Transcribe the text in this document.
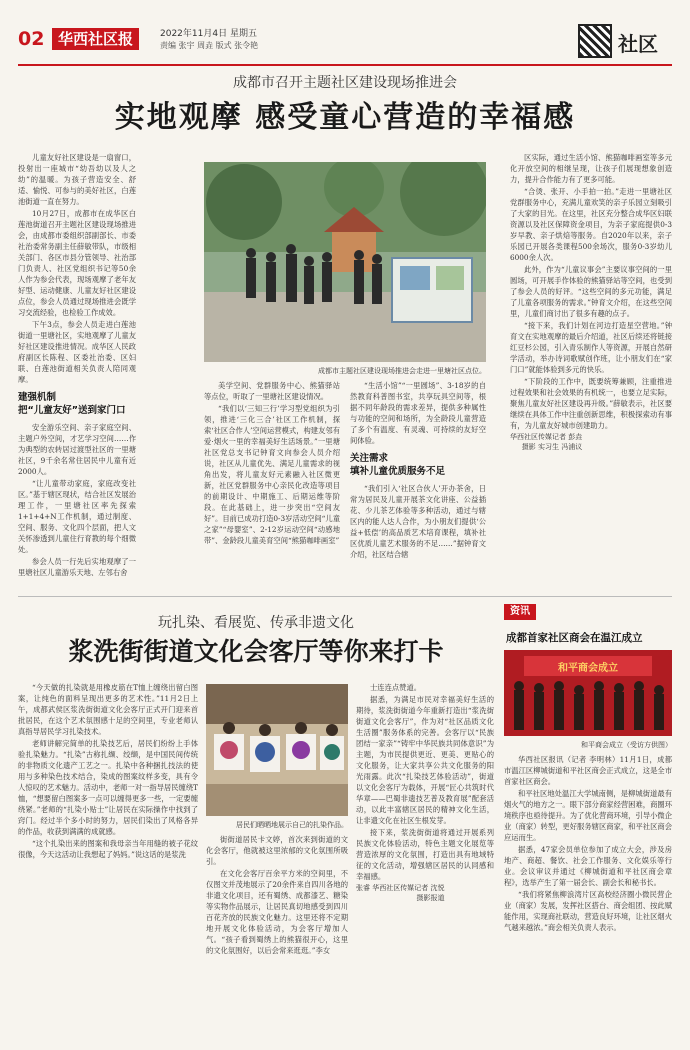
02 华西社区报	2022年11月4日 星期五
责编 张宇 周垚 版式 张令艳	社区
成都市召开主题社区建设现场推进会
实地观摩 感受童心营造的幸福感

儿童友好社区建设是一扇窗口，投射出一座城市“幼吾幼以及人之幼”的温暖。为孩子营造安全、舒适、愉悦、可参与的美好社区，白莲池街道一直在努力。

10月27日，成都市在成华区白莲池街道召开主题社区建设现场推进会，由成都市委组织部副部长、市委社治委常务副主任薛敏带队，市级相关部门、各区市县分管领导、社治部门负责人、社区党组织书记等50余人作为参会代表，现场观摩了老年友好型、运动健康、儿童友好社区建设点位，参会人员通过现场推进会既学习交流经验，也检验工作成效。

下午3点，参会人员走进白莲池街道一里塘社区，实地观摩了儿童友好社区建设推进情况。成华区人民政府副区长陈程、区委社治委、区妇联、白莲池街道相关负责人陪同观摩。

建强机制
把“儿童友好”送到家门口

安全游乐空间、亲子家庭空间、主题户外空间，才艺学习空间……作为典型的农转居过渡型社区的一里塘社区，9千余名常住居民中儿童有近2000人。

“让儿童带动家庭，家庭改变社区。”基于辖区现状，结合社区发展治理工作，一里塘社区率先探索1+1+4+N工作机制，通过制度、空间、服务、文化四个层面，把人文关怀渗透到儿童住行育教的每个细微处。

参会人员一行先后实地观摩了一里塘社区儿童游乐天地、左邻右舍

成都市主题社区建设现场推进会走进一里塘社区点位。

美学空间、党群服务中心、熊猫驿站等点位，听取了一里塘社区建设情况。

“我们以‘三知三行’学习型党组织为引领，推进‘三化三合’社区工作机制，探索‘社区合作人’空间运营模式，构建友邻有爱·烟火一里的幸福美好生活场景。”一里塘社区党总支书记钟育文向参会人员介绍说，社区从儿童优先、满足儿童需求的视角出发，将儿童友好元素融入社区微更新，社区党群服务中心亲民化改造等项目的前期设计、中期施工、后期运维等阶段。在此基础上，进一步突出“空间友好”。目前已成功打造0-3岁活动空间“儿童之家”“母婴室”、2-12岁运动空间“动感地带”、金龄段儿童美育空间“熊猫咖啡画室”

“生活小馆”“一里圆场”、3-18岁的自然教育科普图书室，共享玩具空间等，根据不同年龄段的需求差异，提供多种属性与功能的空间和场所，为全龄段儿童营造了多个有温度、有灵魂、可持续的友好空间体验。

关注需求
填补儿童优质服务不足

“我们引入‘社区合伙人’开办茶舍，日常为居民及儿童开展茶文化讲座、公益插花、少儿茶艺体验等多种活动，通过与辖区内的能人达人合作，为小朋友们提供‘公益+低偿’的高品质艺术培育课程，填补社区优质儿童艺术服务的不足……”据钟育文介绍，社区结合辖

区实际，通过生活小馆、熊猫咖啡画室等多元化开放空间的相继呈现，让孩子们展现想象创造力，提升合作能力有了更多可能。

“合烫、张开、小手拍一拍。”走进一里塘社区党群服务中心，充满儿童欢笑的亲子乐园立刻吸引了大家的目光。在这里，社区充分整合成华区妇联资源以及社区保障资金项目，为亲子家庭提供0-3岁早教、亲子烘焙等服务。自2020年以来，亲子乐园已开展各类课程500余场次，服务0-3岁幼儿6000余人次。

此外，作为“儿童议事会”主要议事空间的一里圆场，可开展手作体验的熊猫驿站等空间，也受到了参会人员的好评。“这些空间的多元功能，满足了儿童各项服务的需求。”钟育文介绍，在这些空间里，儿童们商讨出了很多有趣的点子。

“接下来，我们计划在河边打造星空营地。”钟育文在实地观摩的最后介绍道，社区后续还将链接红豆杉公园，引入青乐制作人等资源，开展自然研学活动，举办诗词歌赋创作班，让小朋友们在“家门口”就能体验到多元的快乐。

“下阶段的工作中，既要统筹兼顾，注重推进过程效果和社会效果的有机统一，也要立足实际，聚焦儿童友好社区建设再升级。”薛敏表示，社区要继续在具体工作中注重创新思维，积极探索动有事有，为儿童友好城市创建助力。

华西社区传媒记者 彭垚
摄影 实习生 冯浦议
玩扎染、看展览、传承非遗文化
浆洗街街道文化会客厅等你来打卡

“今天做的扎染就是用橡皮筋在T恤上缠绕出留白图案，让纯色的面料呈现出更多的艺术性。”11月2日上午，成都武侯区浆洗街街道文化会客厅正式开门迎来首批居民，在这个艺术氛围感十足的空间里，专业老师认真指导居民学习扎染技术。

老师讲解完简单的扎染技艺后，居民们纷纷上手体验扎染魅力。“扎染”古称扎缬、绞缬，是中国民间传统的非物质文化遗产工艺之一。扎染中各种捆扎技法的使用与多种染色技术结合，染成的图案纹样多变，具有令人惊叹的艺术魅力。活动中，老师一对一指导居民缠绕T恤，“想要留白图案多一点可以缠得更多一些，一定要缠绕紧。”老师的“扎染小贴士”让居民在实际操作中找到了窍门。经过半个多小时的努力，居民们染出了风格各异的作品，收获到满满的成就感。

“这个扎染出来的图案和我母亲当年用缝的被子花纹很像，今天这活动让我想起了妈妈。”说这话的是浆洗

居民们晒晒地展示自己的扎染作品。

街街道居民卡文婷，首次来到街道的文化会客厅，他就被这里浓郁的文化氛围所吸引。

在文化会客厅百余平方米的空间里，不仅图文并茂地展示了20余件来自四川各地的非遗文化项目，还有蜀绣、成都漆艺、糖染等实物作品展示，让居民真切地感受到四川百花齐放的民族文化魅力。这里还将不定期地开展文化体验活动，为会客厅增加人气。“孩子看到蜀绣上的熊猫很开心，这里的文化氛围好，以后会常来逛逛。”李女

士连连点赞道。

据悉，为满足市民对幸福美好生活的期待，浆洗街街道今年重新打造出“浆洗街街道文化会客厅”，作为对“社区品质文化生活圈”服务体系的完善。会客厅以“民族团结一家亲”“铸牢中华民族共同体意识”为主题，为市民提供更近、更美、更贴心的文化服务，让大家共享公共文化服务的阳光雨露。此次“扎染技艺体验活动”，街道以文化会客厅为载体，开展“匠心共筑时代华章——巴蜀非遗技艺普及教育展”配套活动，以此丰富辖区居民的精神文化生活，让非遗文化在社区生根发芽。

接下来，浆洗街街道将通过开展系列民族文化体验活动，特色主题文化展览等营造浓厚的文化氛围，打造出具有地域特征的文化活动，增强辖区居民的认同感和幸福感。

张睿 华西社区传媒记者 沈悦
摄影报道
资讯
成都首家社区商会在温江成立
和平商会成立
和平商会成立（受访方供图）

华西社区报讯（记者 李明林）11月1日，成都市温江区柳城街道和平社区商会正式成立，这是全市首家社区商会。

和平社区地处温江大学城南侧，是柳城街道最有烟火气的地方之一。眼下部分商家经营困难，商圈环境秩序也亟待提升。为了优化营商环境，引导小微企业（商家）转型，更好服务辖区商家，和平社区商会应运而生。

据悉，47家会员单位参加了成立大会，涉及房地产、商超、餐饮、社会工作服务、文化娱乐等行业。会议审议并通过《柳城街道和平社区商会章程》，选举产生了第一届会长、副会长和秘书长。

“我们将紧焦柳浪湾片区高校经济圈小微民营企业（商家）发展，发挥社区搭台、商会组团、按此赋能作用，实现商社联动，营造良好环境，让社区烟火气越来越浓。”商会相关负责人表示。
